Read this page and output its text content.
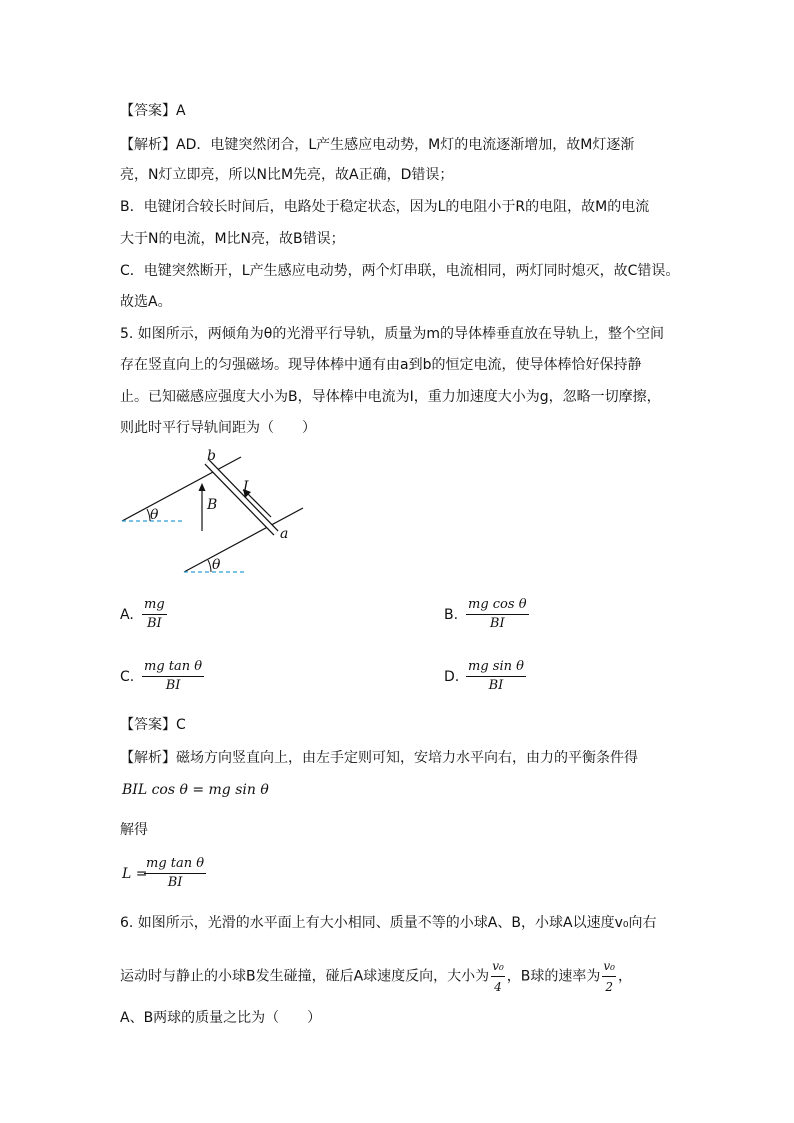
【答案】A
【解析】AD．电键突然闭合，L产生感应电动势，M灯的电流逐渐增加，故M灯逐渐
亮，N灯立即亮，所以N比M先亮，故A正确，D错误；
B．电键闭合较长时间后，电路处于稳定状态，因为L的电阻小于R的电阻，故M的电流
大于N的电流，M比N亮，故B错误；
C．电键突然断开，L产生感应电动势，两个灯串联，电流相同，两灯同时熄灭，故C错误。
故选A。
5. 如图所示，两倾角为θ的光滑平行导轨，质量为m的导体棒垂直放在导轨上，整个空间
存在竖直向上的匀强磁场。现导体棒中通有由a到b的恒定电流，使导体棒恰好保持静
止。已知磁感应强度大小为B，导体棒中电流为I，重力加速度大小为g，忽略一切摩擦，
则此时平行导轨间距为（　　）
b
a
B
I
θ
θ
A. $\frac{mg}{BI}$	B. $\frac{\text{mg cos θ}}{BI}$
C. $\frac{\text{mg tan θ}}{BI}$	D. $\frac{\text{mg sin θ}}{BI}$
【答案】C
【解析】磁场方向竖直向上，由左手定则可知，安培力水平向右，由力的平衡条件得
BIL cos θ = mg sin θ
解得
L =
$\frac{\text{mg tan θ}}{BI}$
6. 如图所示，光滑的水平面上有大小相同、质量不等的小球A、B，小球A以速度v₀向右
运动时与静止的小球B发生碰撞，碰后A球速度反向，大小为 $\frac{\text{v₀}}{4}$ ，B球的速率为 $\frac{\text{v₀}}{2}$ ，
A、B两球的质量之比为（　　）
